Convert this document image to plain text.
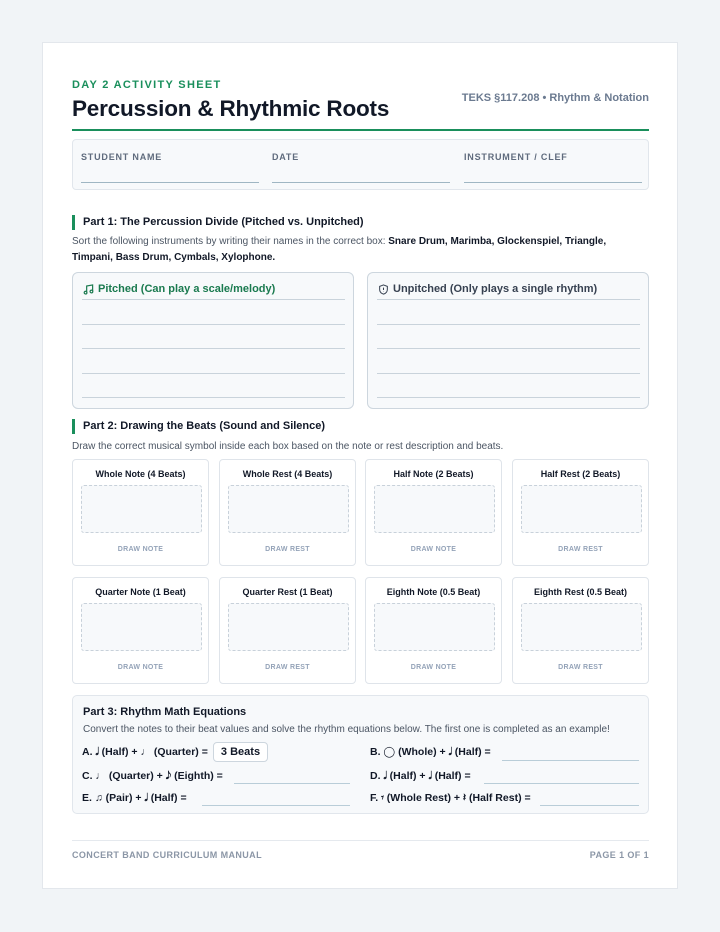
DAY 2 ACTIVITY SHEET
Percussion & Rhythmic Roots	TEKS §117.208 • Rhythm & Notation
STUDENT NAME	DATE	INSTRUMENT / CLEF
Part 1: The Percussion Divide (Pitched vs. Unpitched)
Sort the following instruments by writing their names in the correct box: Snare Drum, Marimba, Glockenspiel, Triangle, Timpani, Bass Drum, Cymbals, Xylophone.
Pitched (Can play a scale/melody)	Unpitched (Only plays a single rhythm)
Part 2: Drawing the Beats (Sound and Silence)
Draw the correct musical symbol inside each box based on the note or rest description and beats.
Whole Note (4 Beats)
DRAW NOTE
Whole Rest (4 Beats)
DRAW REST
Half Note (2 Beats)
DRAW NOTE
Half Rest (2 Beats)
DRAW REST
Quarter Note (1 Beat)
DRAW NOTE
Quarter Rest (1 Beat)
DRAW REST
Eighth Note (0.5 Beat)
DRAW NOTE
Eighth Rest (0.5 Beat)
DRAW REST
Part 3: Rhythm Math Equations
Convert the notes to their beat values and solve the rhythm equations below. The first one is completed as an example!
A. 𝅗𝅥 (Half) + ♩ (Quarter) =	3 Beats	B. ◯ (Whole) + 𝅗𝅥 (Half) =
C. ♩ (Quarter) + 𝅘𝅥𝅮 (Eighth) =	D. 𝅗𝅥 (Half) + 𝅗𝅥 (Half) =
E. ♫ (Pair) + 𝅗𝅥 (Half) =	F. 𝄾 (Whole Rest) + 𝄽 (Half Rest) =
CONCERT BAND CURRICULUM MANUAL	PAGE 1 OF 1
